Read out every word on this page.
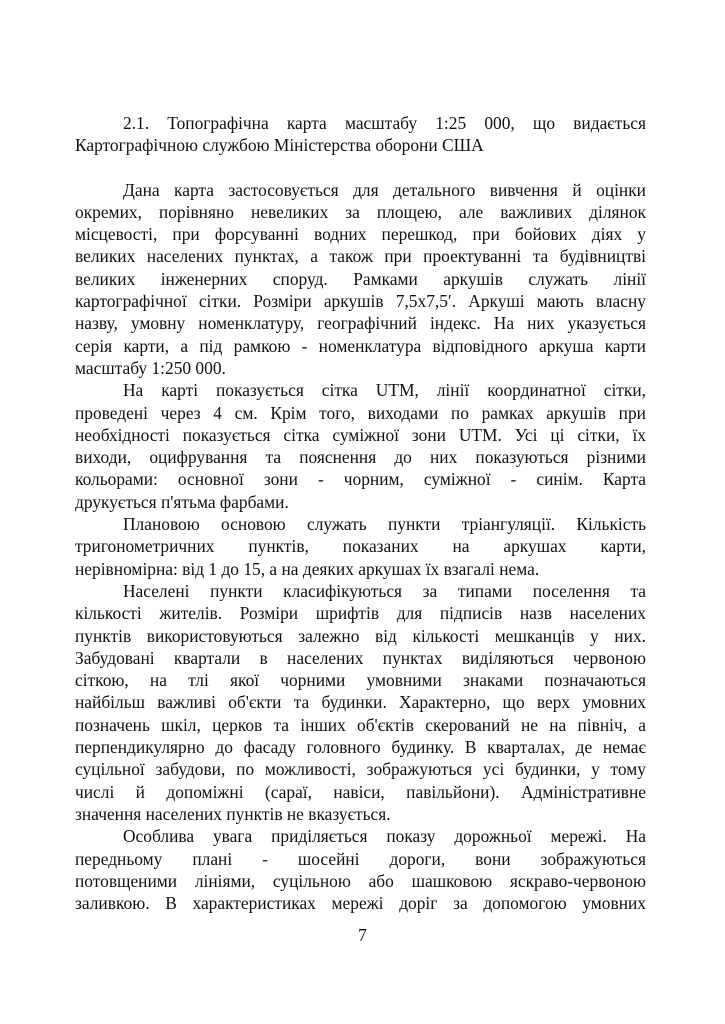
2.1. Топографічна карта масштабу 1:25 000, що видається
Картографічною службою Міністерства оборони США
Дана карта застосовується для детального вивчення й оцінки
окремих, порівняно невеликих за площею, але важливих ділянок
місцевості, при форсуванні водних перешкод, при бойових діях у
великих населених пунктах, а також при проектуванні та будівництві
великих інженерних споруд. Рамками аркушів служать лінії
картографічної сітки. Розміри аркушів 7,5х7,5′. Аркуші мають власну
назву, умовну номенклатуру, географічний індекс. На них указується
серія карти, а під рамкою - номенклатура відповідного аркуша карти
масштабу 1:250 000.
На карті показується сітка UTM, лінії координатної сітки,
проведені через 4 см. Крім того, виходами по рамках аркушів при
необхідності показується сітка суміжної зони UTM. Усі ці сітки, їх
виходи, оцифрування та пояснення до них показуються різними
кольорами: основної зони - чорним, суміжної - синім. Карта
друкується п'ятьма фарбами.
Плановою основою служать пункти тріангуляції. Кількість
тригонометричних пунктів, показаних на аркушах карти,
нерівномірна: від 1 до 15, а на деяких аркушах їх взагалі нема.
Населені пункти класифікуються за типами поселення та
кількості жителів. Розміри шрифтів для підписів назв населених
пунктів використовуються залежно від кількості мешканців у них.
Забудовані квартали в населених пунктах виділяються червоною
сіткою, на тлі якої чорними умовними знаками позначаються
найбільш важливі об'єкти та будинки. Характерно, що верх умовних
позначень шкіл, церков та інших об'єктів скерований не на північ, а
перпендикулярно до фасаду головного будинку. В кварталах, де немає
суцільної забудови, по можливості, зображуються усі будинки, у тому
числі й допоміжні (сараї, навіси, павільйони). Адміністративне
значення населених пунктів не вказується.
Особлива увага приділяється показу дорожньої мережі. На
передньому плані - шосейні дороги, вони зображуються
потовщеними лініями, суцільною або шашковою яскраво-червоною
заливкою. В характеристиках мережі доріг за допомогою умовних
7
